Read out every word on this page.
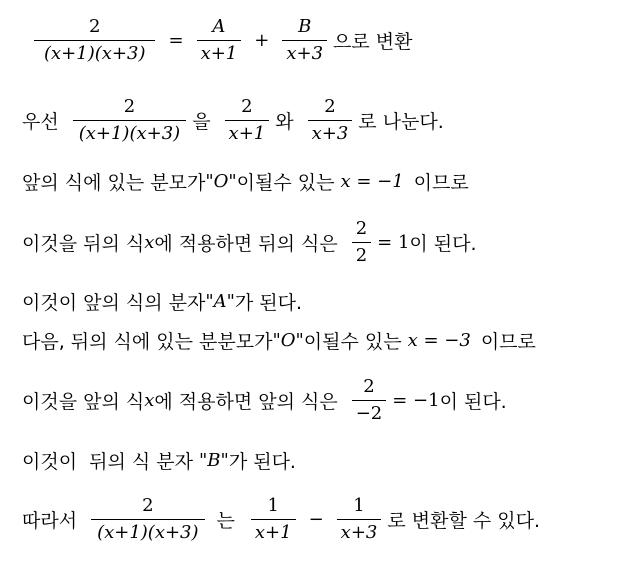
$\frac{2}{(x+1)(x+3)} = \frac{A}{x+1} + \frac{B}{x+3}$ 으로 변환
우선 $\frac{2}{(x+1)(x+3)}$ 을 $\frac{2}{x+1}$ 와 $\frac{2}{x+3}$ 로 나눈다.
앞의 식에 있는 분모가 "O" 이될수 있는 x = −1 이므로
이것을 뒤의 식 x 에 적용하면 뒤의 식은 $\frac{2}{2} = 1$ 이 된다.
이것이 앞의 식의 분자 "A" 가 된다.
다음, 뒤의 식에 있는 분분모가 "O" 이될수 있는 x = −3 이므로
이것을 앞의 식 x 에 적용하면 앞의 식은 $\frac{2}{-2} = -1$ 이 된다.
이것이  뒤의 식 분자 "B" 가 된다.
따라서 $\frac{2}{(x+1)(x+3)}$ 는 $\frac{1}{x+1} - \frac{1}{x+3}$ 로 변환할 수 있다.
